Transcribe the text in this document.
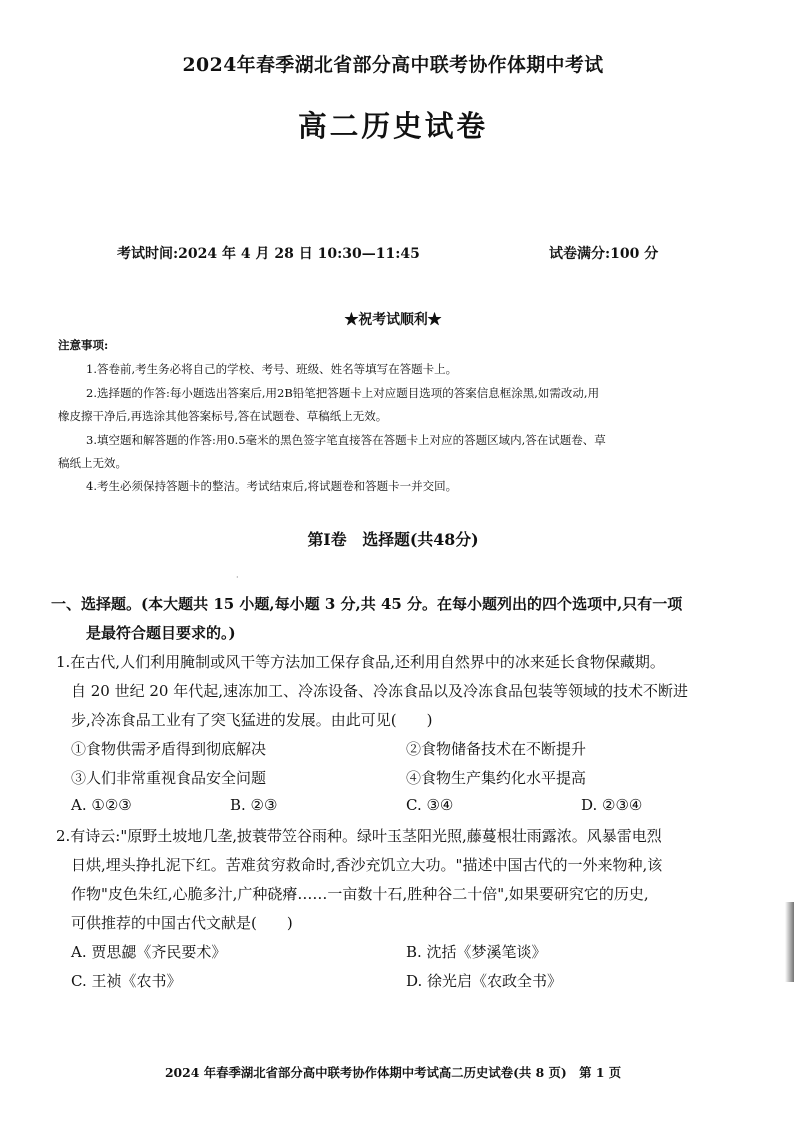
2024年春季湖北省部分高中联考协作体期中考试
高二历史试卷
考试时间:2024 年 4 月 28 日 10:30—11:45	试卷满分:100 分
★祝考试顺利★
注意事项:
1.答卷前,考生务必将自己的学校、考号、班级、姓名等填写在答题卡上。
2.选择题的作答:每小题选出答案后,用2B铅笔把答题卡上对应题目选项的答案信息框涂黑,如需改动,用
橡皮擦干净后,再选涂其他答案标号,答在试题卷、草稿纸上无效。
3.填空题和解答题的作答:用0.5毫米的黑色签字笔直接答在答题卡上对应的答题区域内,答在试题卷、草
稿纸上无效。
4.考生必须保持答题卡的整洁。考试结束后,将试题卷和答题卡一并交回。
第Ⅰ卷　选择题(共48分)
·
一、选择题。(本大题共 15 小题,每小题 3 分,共 45 分。在每小题列出的四个选项中,只有一项
是最符合题目要求的。)
1.在古代,人们利用腌制或风干等方法加工保存食品,还利用自然界中的冰来延长食物保藏期。
自 20 世纪 20 年代起,速冻加工、冷冻设备、冷冻食品以及冷冻食品包装等领域的技术不断进
步,冷冻食品工业有了突飞猛进的发展。由此可见(　　)
①食物供需矛盾得到彻底解决	②食物储备技术在不断提升
③人们非常重视食品安全问题	④食物生产集约化水平提高
A. ①②③	B. ②③	C. ③④	D. ②③④
2.有诗云:"原野土坡地几垄,披蓑带笠谷雨种。绿叶玉茎阳光照,藤蔓根壮雨露浓。风暴雷电烈
日烘,埋头挣扎泥下红。苦难贫穷救命时,香沙充饥立大功。"描述中国古代的一外来物种,该
作物"皮色朱红,心脆多汁,广种硗瘠……一亩数十石,胜种谷二十倍",如果要研究它的历史,
可供推荐的中国古代文献是(　　)
A. 贾思勰《齐民要术》	B. 沈括《梦溪笔谈》
C. 王祯《农书》	D. 徐光启《农政全书》
2024 年春季湖北省部分高中联考协作体期中考试高二历史试卷(共 8 页)　第 1 页
